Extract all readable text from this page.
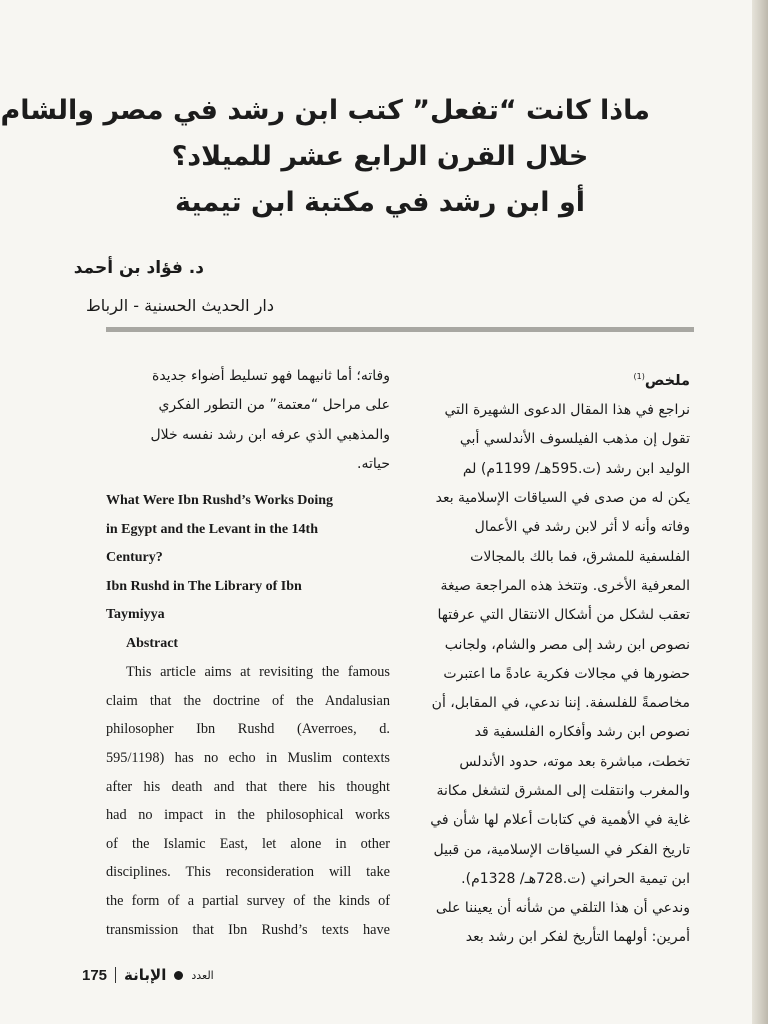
ماذا كانت “تفعل” كتب ابن رشد في مصر والشام
خلال القرن الرابع عشر للميلاد؟
أو ابن رشد في مكتبة ابن تيمية
د. فؤاد بن أحمد
دار الحديث الحسنية - الرباط
ملخص$^{(1)}$
نراجع في هذا المقال الدعوى الشهيرة التي
تقول إن مذهب الفيلسوف الأندلسي أبي
الوليد ابن رشد (ت.595هـ/ 1199م) لم
يكن له من صدى في السياقات الإسلامية بعد
وفاته وأنه لا أثر لابن رشد في الأعمال
الفلسفية للمشرق، فما بالك بالمجالات
المعرفية الأخرى. وتتخذ هذه المراجعة صيغة
تعقب لشكل من أشكال الانتقال التي عرفتها
نصوص ابن رشد إلى مصر والشام، ولجانب
حضورها في مجالات فكرية عادةً ما اعتبرت
مخاصمةً للفلسفة. إننا ندعي، في المقابل، أن
نصوص ابن رشد وأفكاره الفلسفية قد
تخطت، مباشرة بعد موته، حدود الأندلس
والمغرب وانتقلت إلى المشرق لتشغل مكانة
غاية في الأهمية في كتابات أعلام لها شأن في
تاريخ الفكر في السياقات الإسلامية، من قبيل
ابن تيمية الحراني (ت.728هـ/ 1328م).
وندعي أن هذا التلقي من شأنه أن يعيننا على
أمرين: أولهما التأريخ لفكر ابن رشد بعد
وفاته؛ أما ثانيهما فهو تسليط أضواء جديدة
على مراحل “معتمة” من التطور الفكري
والمذهبي الذي عرفه ابن رشد نفسه خلال
حياته.
What Were Ibn Rushd’s Works Doing
in Egypt and the Levant in the 14th
Century?
Ibn Rushd in The Library of Ibn
Taymiyya
Abstract
This article aims at revisiting the famous
claim that the doctrine of the Andalusian
philosopher Ibn Rushd (Averroes, d.
595/1198) has no echo in Muslim contexts
after his death and that there his thought
had no impact in the philosophical works
of the Islamic East, let alone in other
disciplines. This reconsideration will take
the form of a partial survey of the kinds of
transmission that Ibn Rushd’s texts have
175 الإبانة العدد
